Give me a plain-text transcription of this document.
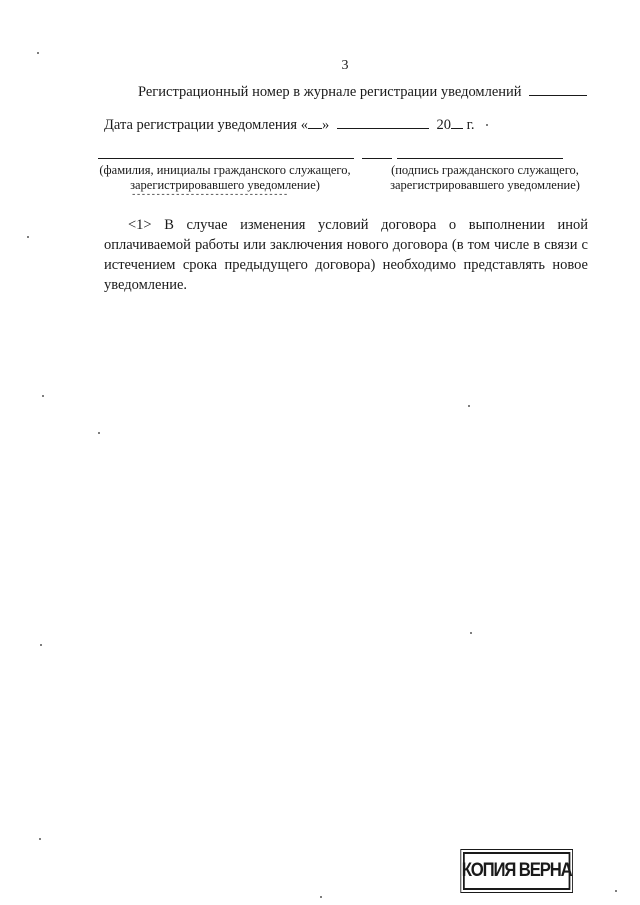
3
Регистрационный номер в журнале регистрации уведомлений
Дата регистрации уведомления « »	20 г.
(фамилия, инициалы гражданского служащего,
зарегистрировавшего уведомление)
(подпись гражданского служащего,
зарегистрировавшего уведомление)
--------------------------------
<1> В случае изменения условий договора о выполнении иной оплачиваемой работы или заключения нового договора (в том числе в связи с истечением срока предыдущего договора) необходимо представлять новое уведомление.
КОПИЯ ВЕРНА
